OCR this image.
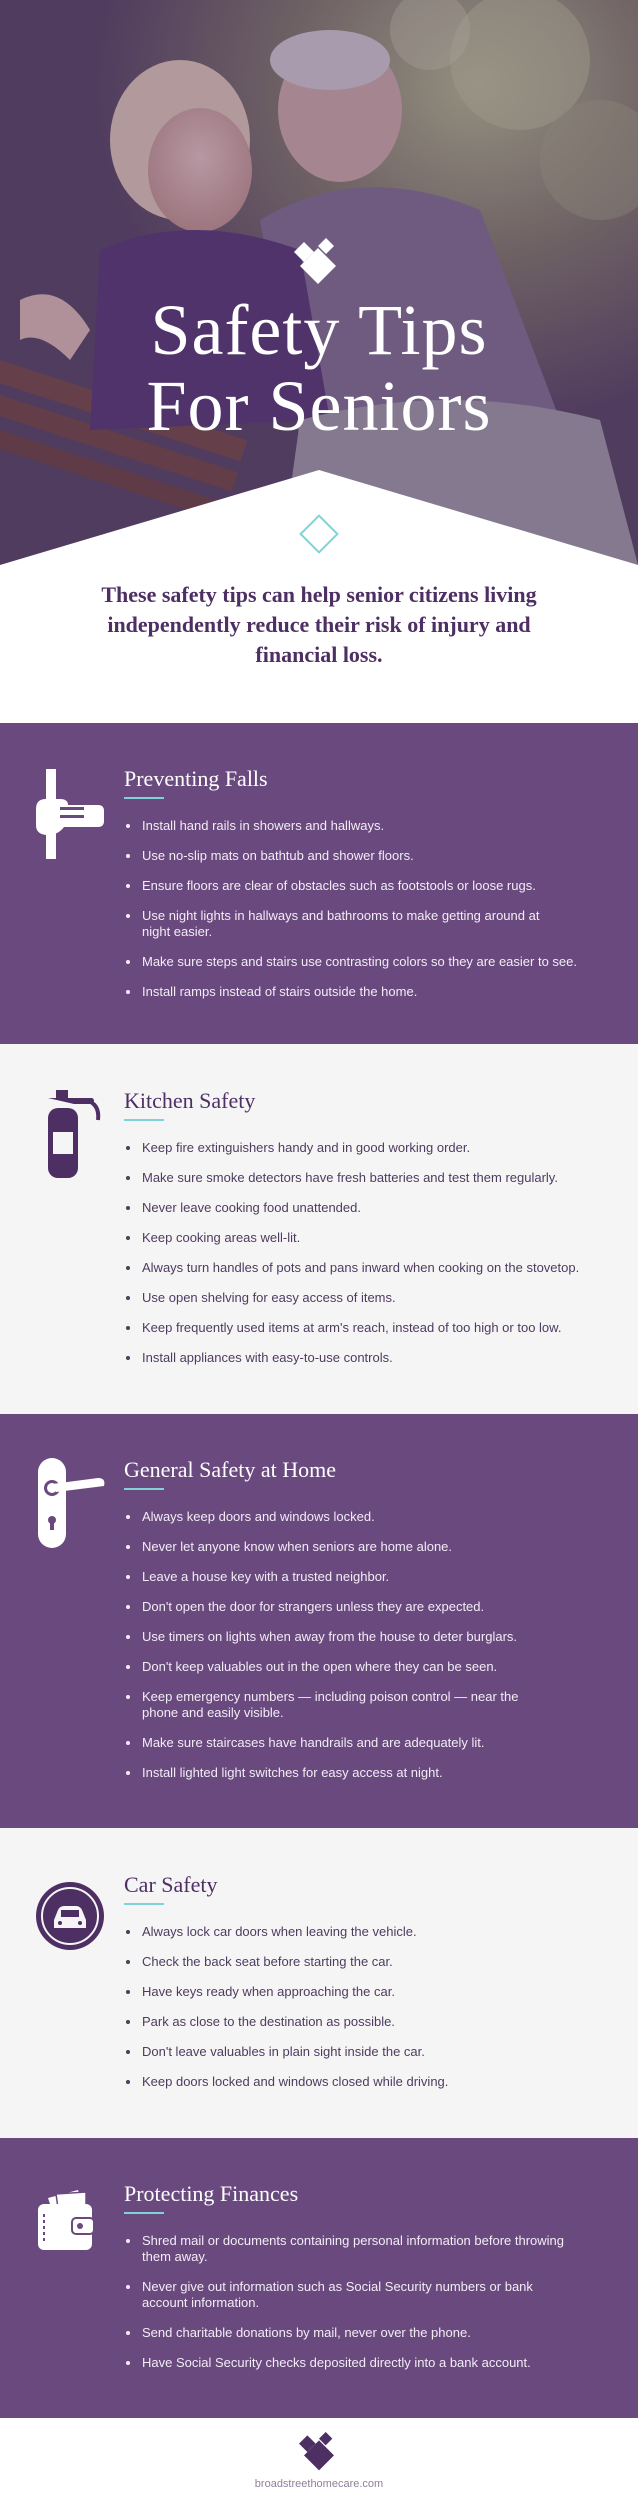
Safety Tips
For Seniors
These safety tips can help senior citizens living independently reduce their risk of injury and financial loss.
Preventing Falls
Install hand rails in showers and hallways.
Use no-slip mats on bathtub and shower floors.
Ensure floors are clear of obstacles such as footstools or loose rugs.
Use night lights in hallways and bathrooms to make getting around at night easier.
Make sure steps and stairs use contrasting colors so they are easier to see.
Install ramps instead of stairs outside the home.
Kitchen Safety
Keep fire extinguishers handy and in good working order.
Make sure smoke detectors have fresh batteries and test them regularly.
Never leave cooking food unattended.
Keep cooking areas well-lit.
Always turn handles of pots and pans inward when cooking on the stovetop.
Use open shelving for easy access of items.
Keep frequently used items at arm's reach, instead of too high or too low.
Install appliances with easy-to-use controls.
General Safety at Home
Always keep doors and windows locked.
Never let anyone know when seniors are home alone.
Leave a house key with a trusted neighbor.
Don't open the door for strangers unless they are expected.
Use timers on lights when away from the house to deter burglars.
Don't keep valuables out in the open where they can be seen.
Keep emergency numbers — including poison control — near the phone and easily visible.
Make sure staircases have handrails and are adequately lit.
Install lighted light switches for easy access at night.
Car Safety
Always lock car doors when leaving the vehicle.
Check the back seat before starting the car.
Have keys ready when approaching the car.
Park as close to the destination as possible.
Don't leave valuables in plain sight inside the car.
Keep doors locked and windows closed while driving.
Protecting Finances
Shred mail or documents containing personal information before throwing them away.
Never give out information such as Social Security numbers or bank account information.
Send charitable donations by mail, never over the phone.
Have Social Security checks deposited directly into a bank account.
broadstreethomecare.com
